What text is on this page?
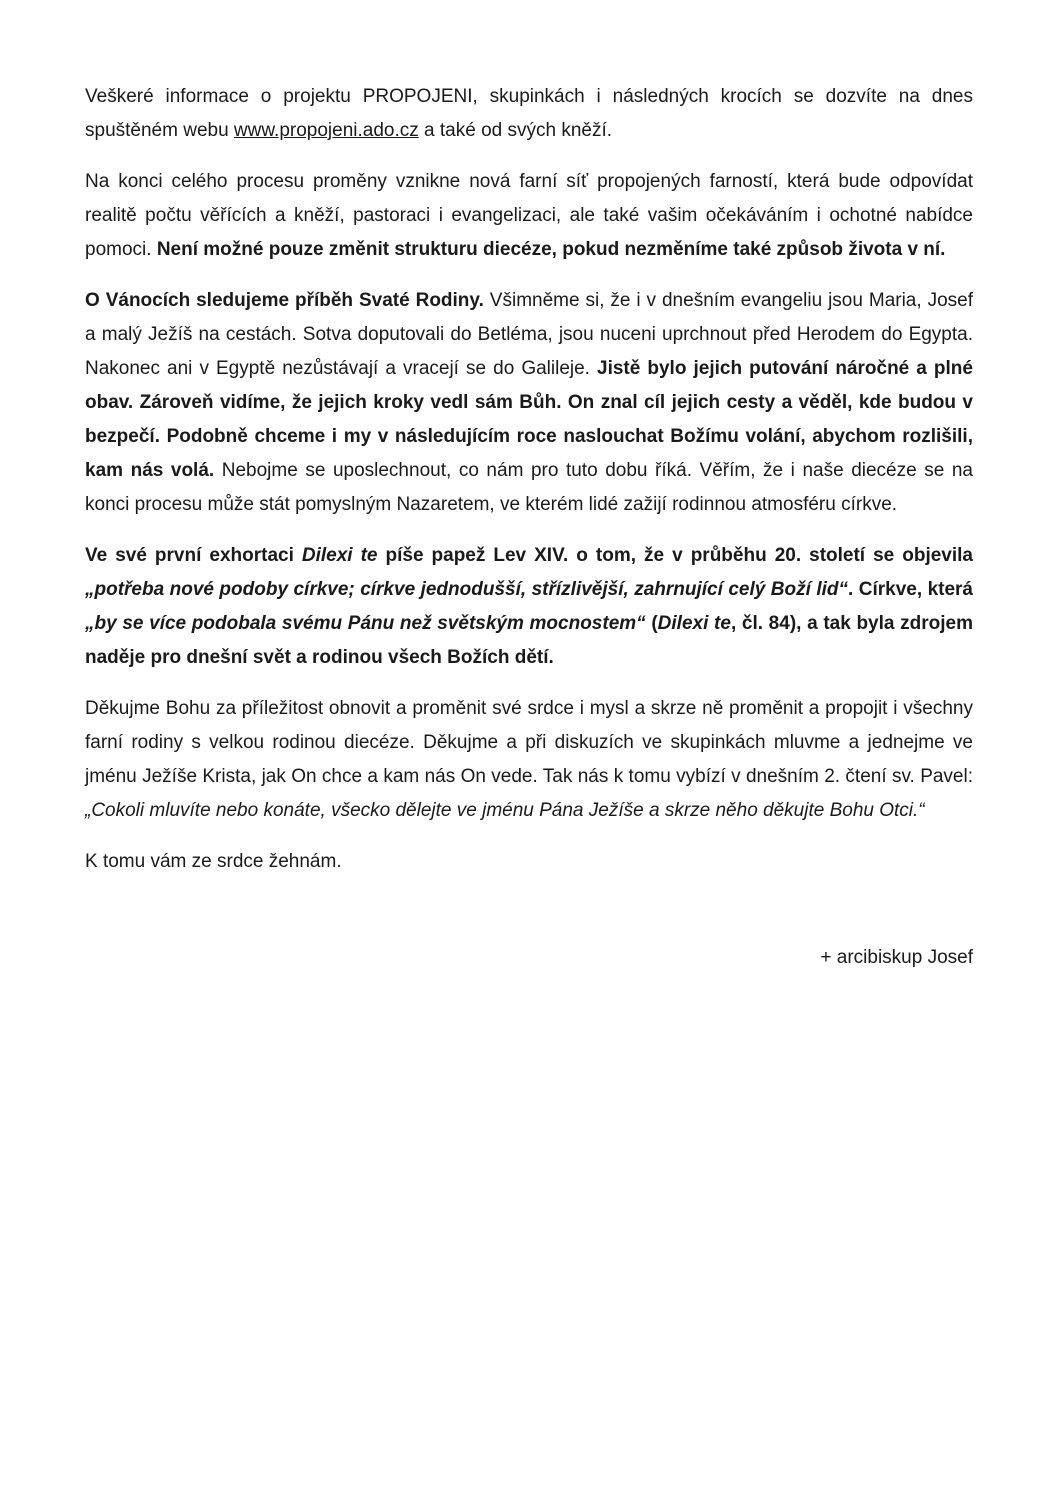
Veškeré informace o projektu PROPOJENI, skupinkách i následných krocích se dozvíte na dnes spuštěném webu www.propojeni.ado.cz a také od svých kněží.

Na konci celého procesu proměny vznikne nová farní síť propojených farností, která bude odpovídat realitě počtu věřících a kněží, pastoraci i evangelizaci, ale také vašim očekáváním i ochotné nabídce pomoci. Není možné pouze změnit strukturu diecéze, pokud nezměníme také způsob života v ní.

O Vánocích sledujeme příběh Svaté Rodiny. Všimněme si, že i v dnešním evangeliu jsou Maria, Josef a malý Ježíš na cestách. Sotva doputovali do Betléma, jsou nuceni uprchnout před Herodem do Egypta. Nakonec ani v Egyptě nezůstávají a vracejí se do Galileje. Jistě bylo jejich putování náročné a plné obav. Zároveň vidíme, že jejich kroky vedl sám Bůh. On znal cíl jejich cesty a věděl, kde budou v bezpečí. Podobně chceme i my v následujícím roce naslouchat Božímu volání, abychom rozlišili, kam nás volá. Nebojme se uposlechnout, co nám pro tuto dobu říká. Věřím, že i naše diecéze se na konci procesu může stát pomyslným Nazaretem, ve kterém lidé zažijí rodinnou atmosféru církve.

Ve své první exhortaci Dilexi te píše papež Lev XIV. o tom, že v průběhu 20. století se objevila „potřeba nové podoby církve; církve jednodušší, střízlivější, zahrnující celý Boží lid“. Církve, která „by se více podobala svému Pánu než světským mocnostem“ (Dilexi te, čl. 84), a tak byla zdrojem naděje pro dnešní svět a rodinou všech Božích dětí.

Děkujme Bohu za příležitost obnovit a proměnit své srdce i mysl a skrze ně proměnit a propojit i všechny farní rodiny s velkou rodinou diecéze. Děkujme a při diskuzích ve skupinkách mluvme a jednejme ve jménu Ježíše Krista, jak On chce a kam nás On vede. Tak nás k tomu vybízí v dnešním 2. čtení sv. Pavel: „Cokoli mluvíte nebo konáte, všecko dělejte ve jménu Pána Ježíše a skrze něho děkujte Bohu Otci.“

K tomu vám ze srdce žehnám.

+ arcibiskup Josef
